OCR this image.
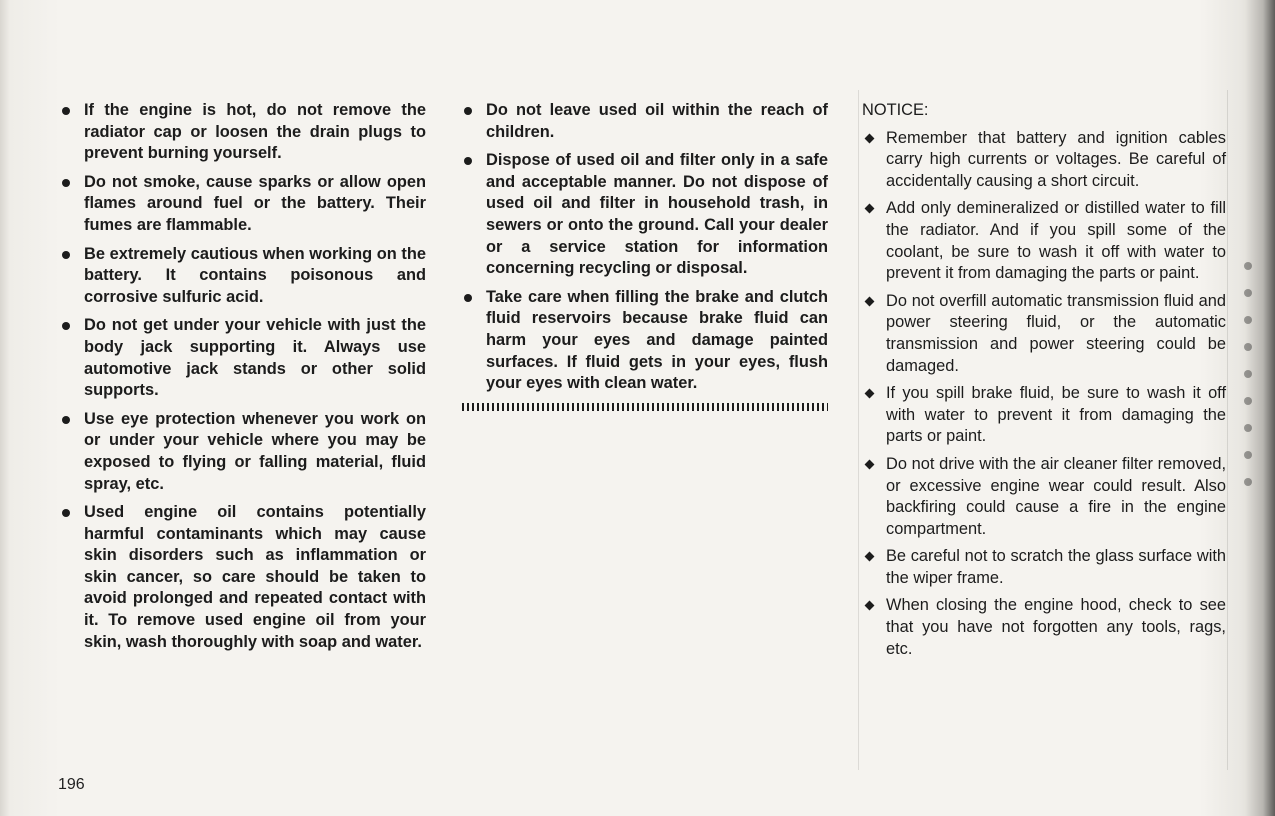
If the engine is hot, do not remove the radiator cap or loosen the drain plugs to prevent burning yourself.
Do not smoke, cause sparks or allow open flames around fuel or the battery. Their fumes are flammable.
Be extremely cautious when working on the battery. It contains poisonous and corrosive sulfuric acid.
Do not get under your vehicle with just the body jack supporting it. Always use automotive jack stands or other solid supports.
Use eye protection whenever you work on or under your vehicle where you may be exposed to flying or falling material, fluid spray, etc.
Used engine oil contains potentially harmful contaminants which may cause skin disorders such as inflammation or skin cancer, so care should be taken to avoid prolonged and repeated contact with it. To remove used engine oil from your skin, wash thoroughly with soap and water.
Do not leave used oil within the reach of children.
Dispose of used oil and filter only in a safe and acceptable manner. Do not dispose of used oil and filter in household trash, in sewers or onto the ground. Call your dealer or a service station for information concerning recycling or disposal.
Take care when filling the brake and clutch fluid reservoirs because brake fluid can harm your eyes and damage painted surfaces. If fluid gets in your eyes, flush your eyes with clean water.
NOTICE:
Remember that battery and ignition cables carry high currents or voltages. Be careful of accidentally causing a short circuit.
Add only demineralized or distilled water to fill the radiator. And if you spill some of the coolant, be sure to wash it off with water to prevent it from damaging the parts or paint.
Do not overfill automatic transmission fluid and power steering fluid, or the automatic transmission and power steering could be damaged.
If you spill brake fluid, be sure to wash it off with water to prevent it from damaging the parts or paint.
Do not drive with the air cleaner filter removed, or excessive engine wear could result. Also backfiring could cause a fire in the engine compartment.
Be careful not to scratch the glass surface with the wiper frame.
When closing the engine hood, check to see that you have not forgotten any tools, rags, etc.
196
